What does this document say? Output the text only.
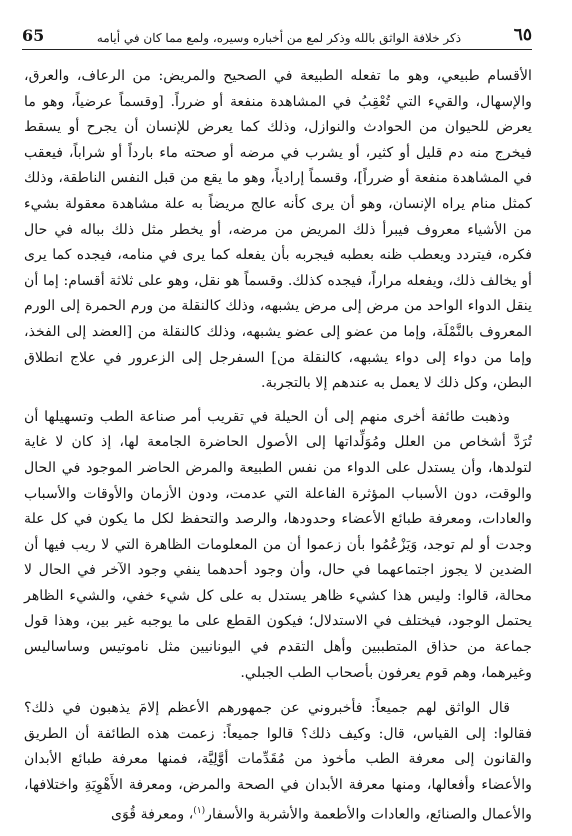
65	ذكر خلافة الواثق بالله وذكر لمع من أخباره وسيره، ولمع مما كان في أيامه	٦٥

الأقسام طبيعي، وهو ما تفعله الطبيعة في الصحيح والمريض: من الرعاف، والعرق، والإسهال، والقيء التي تُعْقِبُ في المشاهدة منفعة أو ضرراً. [وقسماً عرضياً، وهو ما يعرض للحيوان من الحوادث والنوازل، وذلك كما يعرض للإنسان أن يجرح أو يسقط فيخرج منه دم قليل أو كثير، أو يشرب في مرضه أو صحته ماء بارداً أو شراباً، فيعقب في المشاهدة منفعة أو ضرراً]، وقسماً إرادياً، وهو ما يقع من قبل النفس الناطقة، وذلك كمثل منام يراه الإنسان، وهو أن يرى كأنه عالج مريضاً به علة مشاهدة معقولة بشيء من الأشياء معروف فيبرأ ذلك المريض من مرضه، أو يخطر مثل ذلك بباله في حال فكره، فيتردد ويعطب ظنه بعطبه فيجربه بأن يفعله كما يرى في منامه، فيجده كما يرى أو يخالف ذلك، ويفعله مراراً، فيجده كذلك. وقسماً هو نقل، وهو على ثلاثة أقسام: إما أن ينقل الدواء الواحد من مرض إلى مرض يشبهه، وذلك كالنقلة من ورم الحمرة إلى الورم المعروف بالنَّمْلَة، وإما من عضو إلى عضو يشبهه، وذلك كالنقلة من [العضد إلى الفخذ، وإما من دواء إلى دواء يشبهه، كالنقلة من] السفرجل إلى الزعرور في علاج انطلاق البطن، وكل ذلك لا يعمل به عندهم إلا بالتجربة.

وذهبت طائفة أخرى منهم إلى أن الحيلة في تقريب أمر صناعة الطب وتسهيلها أن تُرَدَّ أشخاص من العلل ومُوَلِّداتها إلى الأصول الحاضرة الجامعة لها، إذ كان لا غاية لتولدها، وأن يستدل على الدواء من نفس الطبيعة والمرض الحاضر الموجود في الحال والوقت، دون الأسباب المؤثرة الفاعلة التي عدمت، ودون الأزمان والأوقات والأسباب والعادات، ومعرفة طبائع الأعضاء وحدودها، والرصد والتحفظ لكل ما يكون في كل علة وجدت أو لم توجد، وَيَزْعُمُوا بأن زعموا أن من المعلومات الظاهرة التي لا ريب فيها أن الضدين لا يجوز اجتماعهما في حال، وأن وجود أحدهما ينفي وجود الآخر في الحال لا محالة، قالوا: وليس هذا كشيء ظاهر يستدل به على كل شيء خفي، والشيء الظاهر يحتمل الوجود، فيختلف في الاستدلال؛ فيكون القطع على ما يوجبه غير بين، وهذا قول جماعة من حذاق المتطببين وأهل التقدم في اليونانيين مثل ناموتيس وساساليس وغيرهما، وهم قوم يعرفون بأصحاب الطب الجبلي.

قال الواثق لهم جميعاً: فأخبروني عن جمهورهم الأعظم إلامَ يذهبون في ذلك؟ فقالوا: إلى القياس، قال: وكيف ذلك؟ قالوا جميعاً: زعمت هذه الطائفة أن الطريق والقانون إلى معرفة الطب مأخوذ من مُقَدِّمات أوَّلِيَّة، فمنها معرفة طبائع الأبدان والأعضاء وأفعالها، ومنها معرفة الأبدان في الصحة والمرض، ومعرفة الأَهْوِيَةِ واختلافها، والأعمال والصنائع، والعادات والأطعمة والأشربة والأسفار$^{(١)}$، ومعرفة قُوَى
